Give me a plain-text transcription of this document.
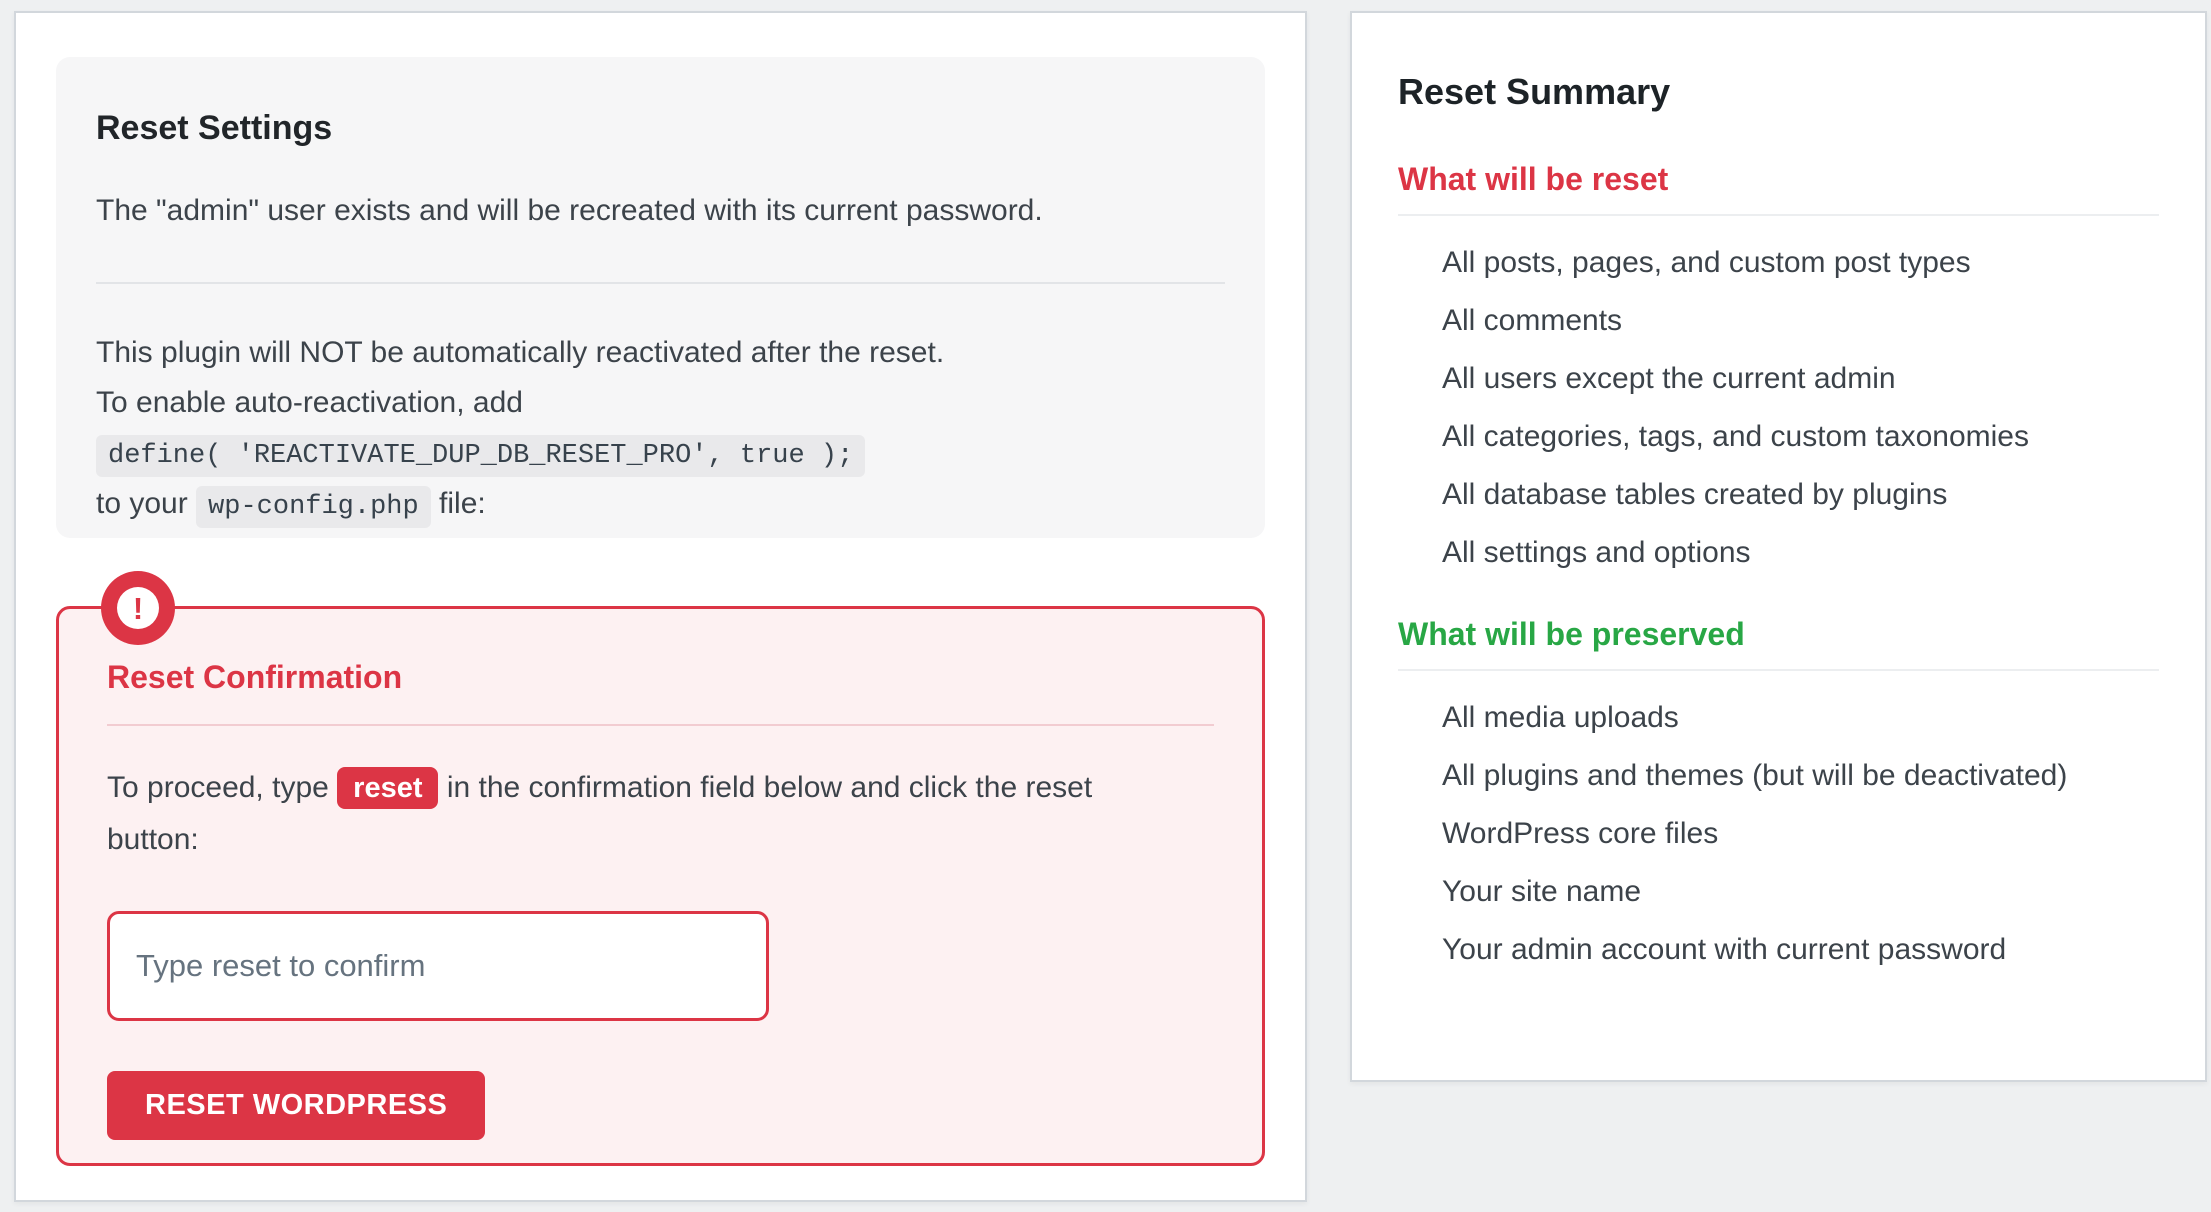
Reset Settings

The "admin" user exists and will be recreated with its current password.

This plugin will NOT be automatically reactivated after the reset.
To enable auto-reactivation, add define( 'REACTIVATE_DUP_DB_RESET_PRO', true );
to your wp-config.php file:

!
Reset Confirmation

To proceed, type reset in the confirmation field below and click the reset button:

Type reset to confirm RESET WORDPRESS
Reset Summary
What will be reset
All posts, pages, and custom post types
All comments
All users except the current admin
All categories, tags, and custom taxonomies
All database tables created by plugins
All settings and options
What will be preserved
All media uploads
All plugins and themes (but will be deactivated)
WordPress core files
Your site name
Your admin account with current password
